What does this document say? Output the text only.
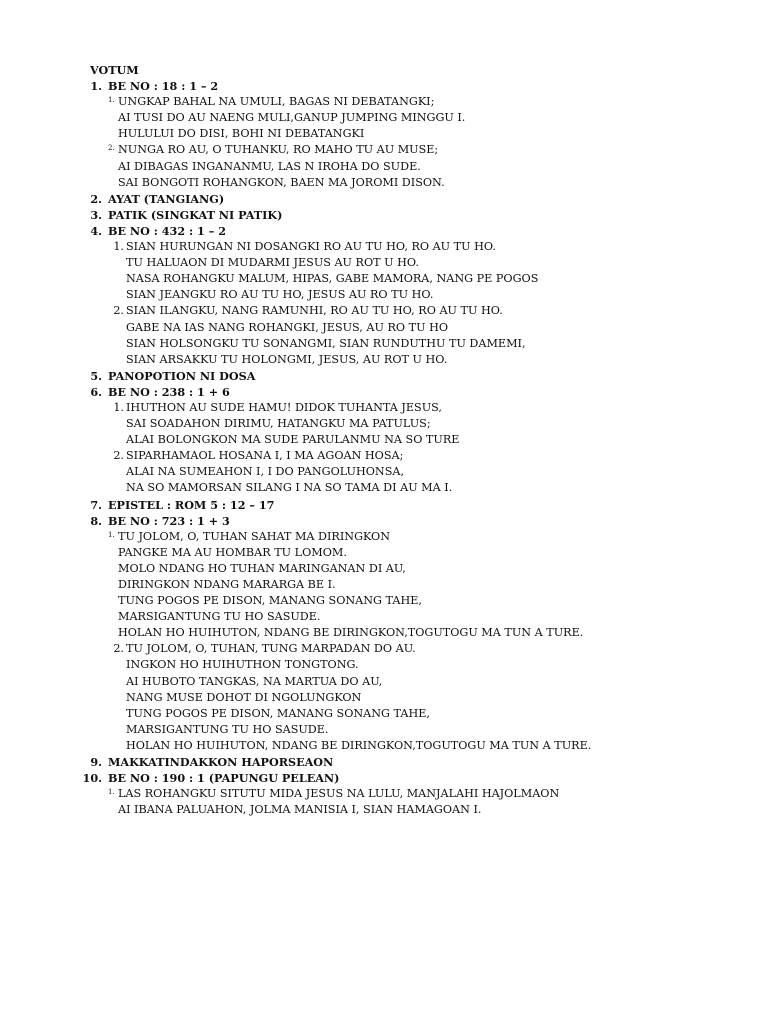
VOTUM
1. BE NO : 18 : 1 – 2
1. UNGKAP BAHAL NA UMULI, BAGAS NI DEBATANGKI;
AI TUSI DO AU NAENG MULI,GANUP JUMPING MINGGU I.
HULULUI DO DISI, BOHI NI DEBATANGKI
2. NUNGA RO AU, O TUHANKU, RO MAHO TU AU MUSE;
AI DIBAGAS INGANANMU, LAS N IROHA DO SUDE.
SAI BONGOTI ROHANGKON, BAEN MA JOROMI DISON.
2. AYAT (TANGIANG)
3. PATIK (SINGKAT NI PATIK)
4. BE NO : 432 : 1 – 2
1. SIAN HURUNGAN NI DOSANGKI RO AU TU HO, RO AU TU HO.
TU HALUAON DI MUDARMI JESUS AU ROT U HO.
NASA ROHANGKU MALUM, HIPAS, GABE MAMORA, NANG PE POGOS
SIAN JEANGKU RO AU TU HO, JESUS AU RO TU HO.
2. SIAN ILANGKU, NANG RAMUNHI, RO AU TU HO, RO AU TU HO.
GABE NA IAS NANG ROHANGKI, JESUS, AU RO TU HO
SIAN HOLSONGKU TU SONANGMI, SIAN RUNDUTHU TU DAMEMI,
SIAN ARSAKKU TU HOLONGMI, JESUS, AU ROT U HO.
5. PANOPOTION NI DOSA
6. BE NO : 238 : 1 + 6
1. IHUTHON AU SUDE HAMU! DIDOK TUHANTA JESUS,
SAI SOADAHON DIRIMU, HATANGKU MA PATULUS;
ALAI BOLONGKON MA SUDE PARULANMU NA SO TURE
2. SIPARHAMAOL HOSANA I, I MA AGOAN HOSA;
ALAI NA SUMEAHON I, I DO PANGOLUHONSA,
NA SO MAMORSAN SILANG I NA SO TAMA DI AU MA I.
7. EPISTEL : ROM 5 : 12 – 17
8. BE NO : 723 : 1 + 3
1. TU JOLOM, O, TUHAN SAHAT MA DIRINGKON
PANGKE MA AU HOMBAR TU LOMOM.
MOLO NDANG HO TUHAN MARINGANAN DI AU,
DIRINGKON NDANG MARARGA BE I.
TUNG POGOS PE DISON, MANANG SONANG TAHE,
MARSIGANTUNG TU HO SASUDE.
HOLAN HO HUIHUTON, NDANG BE DIRINGKON,TOGUTOGU MA TUN A TURE.
2. TU JOLOM, O, TUHAN, TUNG MARPADAN DO AU.
INGKON HO HUIHUTHON TONGTONG.
AI HUBOTO TANGKAS, NA MARTUA DO AU,
NANG MUSE DOHOT DI NGOLUNGKON
TUNG POGOS PE DISON, MANANG SONANG TAHE,
MARSIGANTUNG TU HO SASUDE.
HOLAN HO HUIHUTON, NDANG BE DIRINGKON,TOGUTOGU MA TUN A TURE.
9. MAKKATINDAKKON HAPORSEAON
10. BE NO : 190 : 1 (PAPUNGU PELEAN)
1. LAS ROHANGKU SITUTU MIDA JESUS NA LULU, MANJALAHI HAJOLMAON
AI IBANA PALUAHON, JOLMA MANISIA I, SIAN HAMAGOAN I.
